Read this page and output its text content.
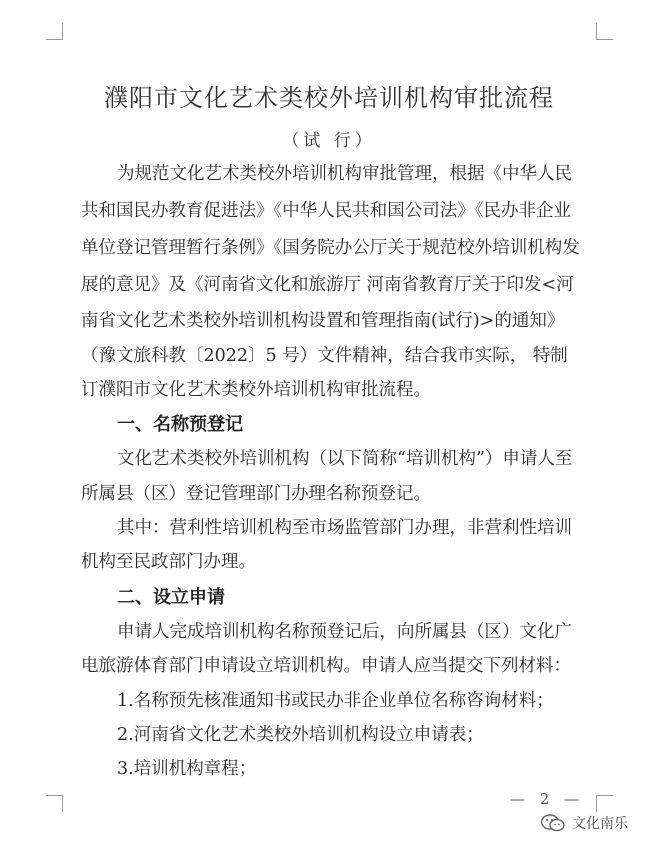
濮阳市文化艺术类校外培训机构审批流程
（试 行）
为规范文化艺术类校外培训机构审批管理，根据《中华人民
共和国民办教育促进法》《中华人民共和国公司法》《民办非企业
单位登记管理暂行条例》《国务院办公厅关于规范校外培训机构发
展的意见》及《河南省文化和旅游厅 河南省教育厅关于印发<河
南省文化艺术类校外培训机构设置和管理指南(试行)>的通知》
（豫文旅科教〔2022〕5 号）文件精神，结合我市实际， 特制
订濮阳市文化艺术类校外培训机构审批流程。
一、名称预登记
文化艺术类校外培训机构（以下简称“培训机构”）申请人至
所属县（区）登记管理部门办理名称预登记。
其中：营利性培训机构至市场监管部门办理，非营利性培训
机构至民政部门办理。
二、设立申请
申请人完成培训机构名称预登记后，向所属县（区）文化广
电旅游体育部门申请设立培训机构。申请人应当提交下列材料：
1.名称预先核准通知书或民办非企业单位名称咨询材料；
2.河南省文化艺术类校外培训机构设立申请表；
3.培训机构章程；
— 2 —
文化南乐
